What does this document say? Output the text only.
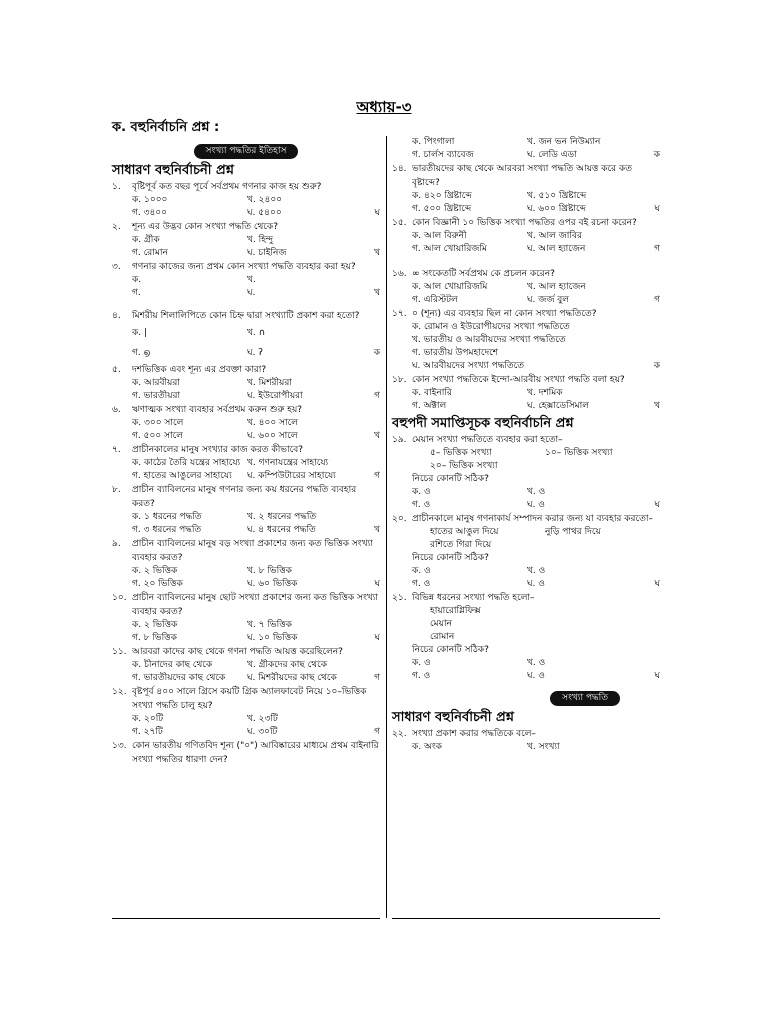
অধ্যায়-৩
ক. বহুনির্বাচনি প্রশ্ন :
সংখ্যা পদ্ধতির ইতিহাস
সাধারণ বহুনির্বাচনী প্রশ্ন
১.	বৃষ্টিপূর্ব কত বছর পূর্বে সর্বপ্রথম গণনার কাজ হয় শুরু?
ক. ১০০০	খ. ২৪০০
গ. ৩৪০০	ঘ. ৫৪০০	ঘ
২.	শূন্য এর উদ্ভব কোন সংখ্যা পদ্ধতি থেকে?
ক. গ্রীক	খ. হিন্দু
গ. রোমান	ঘ. চাইনিজ	খ
৩.	গণনার কাজের জন্য প্রথম কোন সংখ্যা পদ্ধতি ব্যবহার করা হয়?
ক.	খ.
গ.	ঘ.	খ
৪.	মিশরীয় শিলালিপিতে কোন চিহ্ন দ্বারা সংখ্যাটি প্রকাশ করা হতো?
ক. |	খ. ∩
গ. ൭	ঘ. ʔ	ক
৫.	দশভিত্তিক এবং শূন্য এর প্রবক্তা কারা?
ক. আরবীয়রা	খ. মিশরীয়রা
গ. ভারতীয়রা	ঘ. ইউরোপীয়রা	গ
৬.	ঋণাত্মক সংখ্যা ব্যবহার সর্বপ্রথম করুন শুরু হয়?
ক. ৩০০ সালে	খ. ৪০০ সালে
গ. ৫০০ সালে	ঘ. ৬০০ সালে	খ
৭.	প্রাচীনকালের মানুষ সংখ্যার কাজ করত কীভাবে?
ক. কাঠের তৈরি যন্ত্রের সাহায্যে খ. গণনাযন্ত্রের সাহায্যে
গ. হাতের আঙুলের সাহায্যে	ঘ. কম্পিউটারের সাহায্যে	গ
৮.	প্রাচীন ব্যাবিলনের মানুষ গণনার জন্য কয় ধরনের পদ্ধতি ব্যবহার করত?
ক. ১ ধরনের পদ্ধতি	খ. ২ ধরনের পদ্ধতি
গ. ৩ ধরনের পদ্ধতি	ঘ. ৪ ধরনের পদ্ধতি	খ
৯.	প্রাচীন ব্যাবিলনের মানুষ বড় সংখ্যা প্রকাশের জন্য কত ভিত্তিক সংখ্যা ব্যবহার করত?
ক. ২ ভিত্তিক	খ. ৮ ভিত্তিক
গ. ২০ ভিত্তিক	ঘ. ৬০ ভিত্তিক	ঘ
১০. প্রাচীন ব্যাবিলনের মানুষ ছোট সংখ্যা প্রকাশের জন্য কত ভিত্তিক সংখ্যা ব্যবহার করত?
ক. ২ ভিত্তিক	খ. ৭ ভিত্তিক
গ. ৮ ভিত্তিক	ঘ. ১০ ভিত্তিক	ঘ
১১. আরবরা কাদের কাছ থেকে গণনা পদ্ধতি আয়ত্ত করেছিলেন?
ক. চীনাদের কাছ থেকে	খ. গ্রীকদের কাছ থেকে
গ. ভারতীয়দের কাছ থেকে	ঘ. মিশরীয়দের কাছ থেকে	গ
১২. বৃষ্টপূর্ব ৪০০ সালে গ্রিসে কয়টি গ্রিক অ্যালফাবেট নিয়ে ১০–ভিত্তিক সংখ্যা পদ্ধতি চালু হয়?
ক. ২০টি	খ. ২৩টি
গ. ২৭টি	ঘ. ৩০টি	গ
১৩. কোন ভারতীয় গণিতবিদ শূন্য ("০") আবিষ্কারের মাধ্যমে প্রথম বাইনারি সংখ্যা পদ্ধতির ধারণা দেন?
ক. পিংগালা	খ. জন ভন নিউম্যান
গ. চার্লস ব্যাবেজ	ঘ. লেডি এডা	ক
১৪. ভারতীয়দের কাছ থেকে আরবরা সংখ্যা পদ্ধতি আয়ত্ত করে কত বৃষ্টাব্দে?
ক. ৪২০ খ্রিষ্টাব্দে	খ. ৫১০ খ্রিষ্টাব্দে
গ. ৫০০ খ্রিষ্টাব্দে	ঘ. ৬০০ খ্রিষ্টাব্দে	ঘ
১৫. কোন বিজ্ঞানী ১০ ভিত্তিক সংখ্যা পদ্ধতির ওপর বই রচনা করেন?
ক. আল বিরুনী	খ. আল জাবির
গ. আল খোয়ারিজমি	ঘ. আল হ্যাজেন	গ
১৬. ∞ সংকেতটি সর্বপ্রথম কে প্রচলন করেন?
ক. আল খোয়ারিজমি	খ. আল হ্যাজেন
গ. এরিস্টটল	ঘ. জর্জ বুল	গ
১৭. ০ (শূন্য) এর ব্যবহার ছিল না কোন সংখ্যা পদ্ধতিতে?
ক. রোমান ও ইউরোপীয়দের সংখ্যা পদ্ধতিতে
খ. ভারতীয় ও আরবীয়দের সংখ্যা পদ্ধতিতে
গ. ভারতীয় উপমহাদেশে
ঘ. আরবীয়দের সংখ্যা পদ্ধতিতে	ক
১৮. কোন সংখ্যা পদ্ধতিকে ইন্দো-আরবীয় সংখ্যা পদ্ধতি বলা হয়?
ক. বাইনারি	খ. দশমিক
গ. অক্টাল	ঘ. হেক্সাডেসিমাল	খ
বহুপদী সমাপ্তিসূচক বহুনির্বাচনি প্রশ্ন
১৯. মেয়ান সংখ্যা পদ্ধতিতে ব্যবহার করা হতো–
৫– ভিত্তিক সংখ্যা	১০– ভিত্তিক সংখ্যা
২০– ভিত্তিক সংখ্যা
নিচের কোনটি সঠিক?
ক. ও	খ. ও
গ. ও	ঘ. ও	ঘ
২০. প্রাচীনকালে মানুষ গণনাকার্য সম্পাদন করার জন্য যা ব্যবহার করতো–
হাতের আঙুল দিয়ে	নুড়ি পাথর দিয়ে
রশিতে গিরা দিয়ে
নিচের কোনটি সঠিক?
ক. ও	খ. ও
গ. ও	ঘ. ও	ঘ
২১. বিভিন্ন ধরনের সংখ্যা পদ্ধতি হলো–
হায়ারোগ্লিফিক্স
মেয়ান
রোমান
নিচের কোনটি সঠিক?
ক. ও	খ. ও
গ. ও	ঘ. ও	ঘ
সংখ্যা পদ্ধতি
সাধারণ বহুনির্বাচনী প্রশ্ন
২২. সংখ্যা প্রকাশ করার পদ্ধতিকে বলে–
ক. অংক	খ. সংখ্যা
